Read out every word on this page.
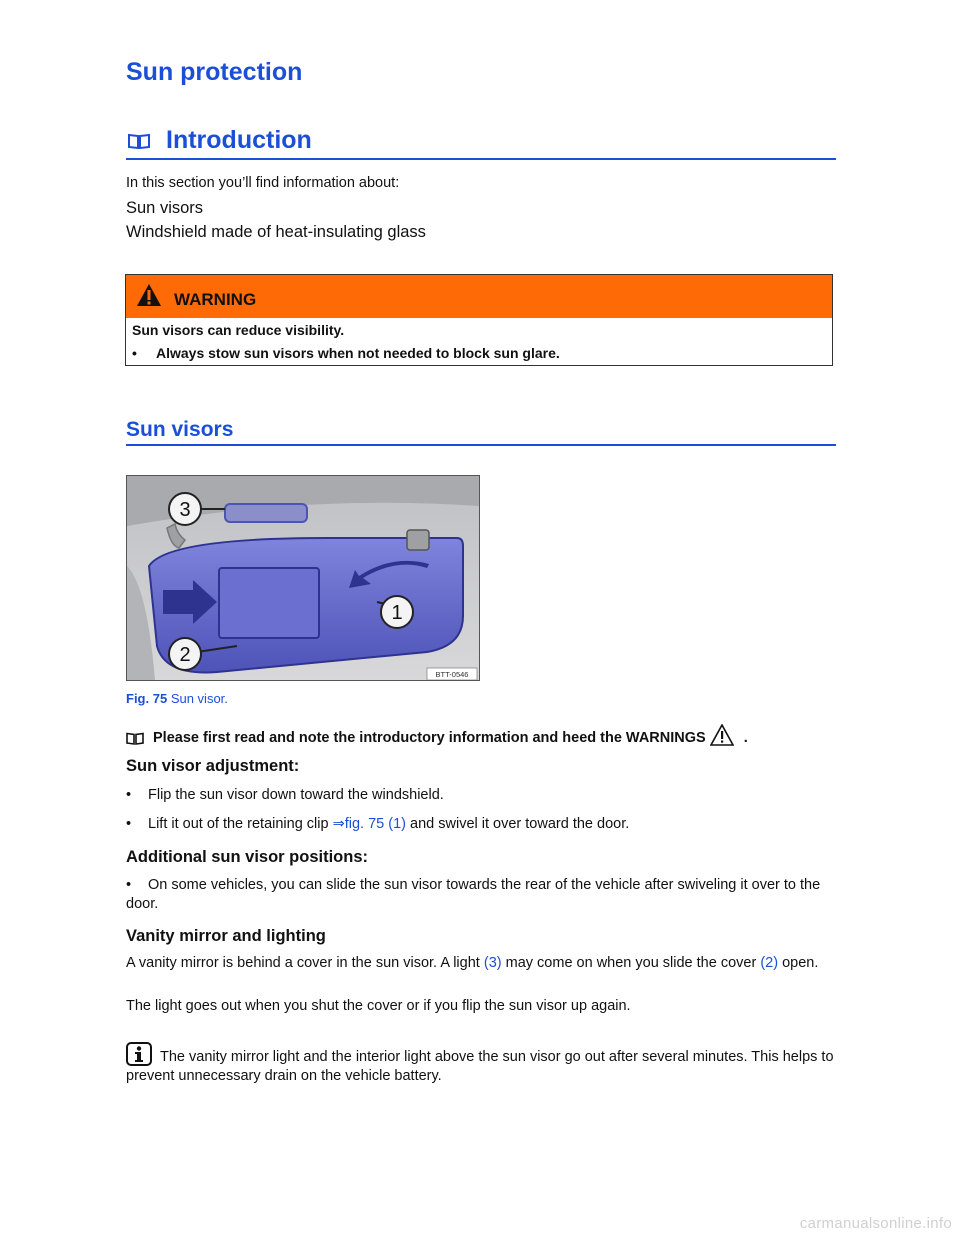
Sun protection
Introduction

In this section you’ll find information about:

Sun visors

Windshield made of heat-insulating glass

WARNING
Sun visors can reduce visibility.
• Always stow sun visors when not needed to block sun glare.
Sun visors
3
2
1
BTT-0546
Fig. 75 Sun visor.
Please first read and note the introductory information and heed the WARNINGS	.

Sun visor adjustment:

• Flip the sun visor down toward the windshield.

• Lift it out of the retaining clip ⇒fig. 75 (1) and swivel it over toward the door.

Additional sun visor positions:

• On some vehicles, you can slide the sun visor towards the rear of the vehicle after swiveling it over to the door.

Vanity mirror and lighting

A vanity mirror is behind a cover in the sun visor. A light (3) may come on when you slide the cover (2) open.

The light goes out when you shut the cover or if you flip the sun visor up again.

The vanity mirror light and the interior light above the sun visor go out after several minutes. This helps to prevent unnecessary drain on the vehicle battery.
carmanualsonline.info
